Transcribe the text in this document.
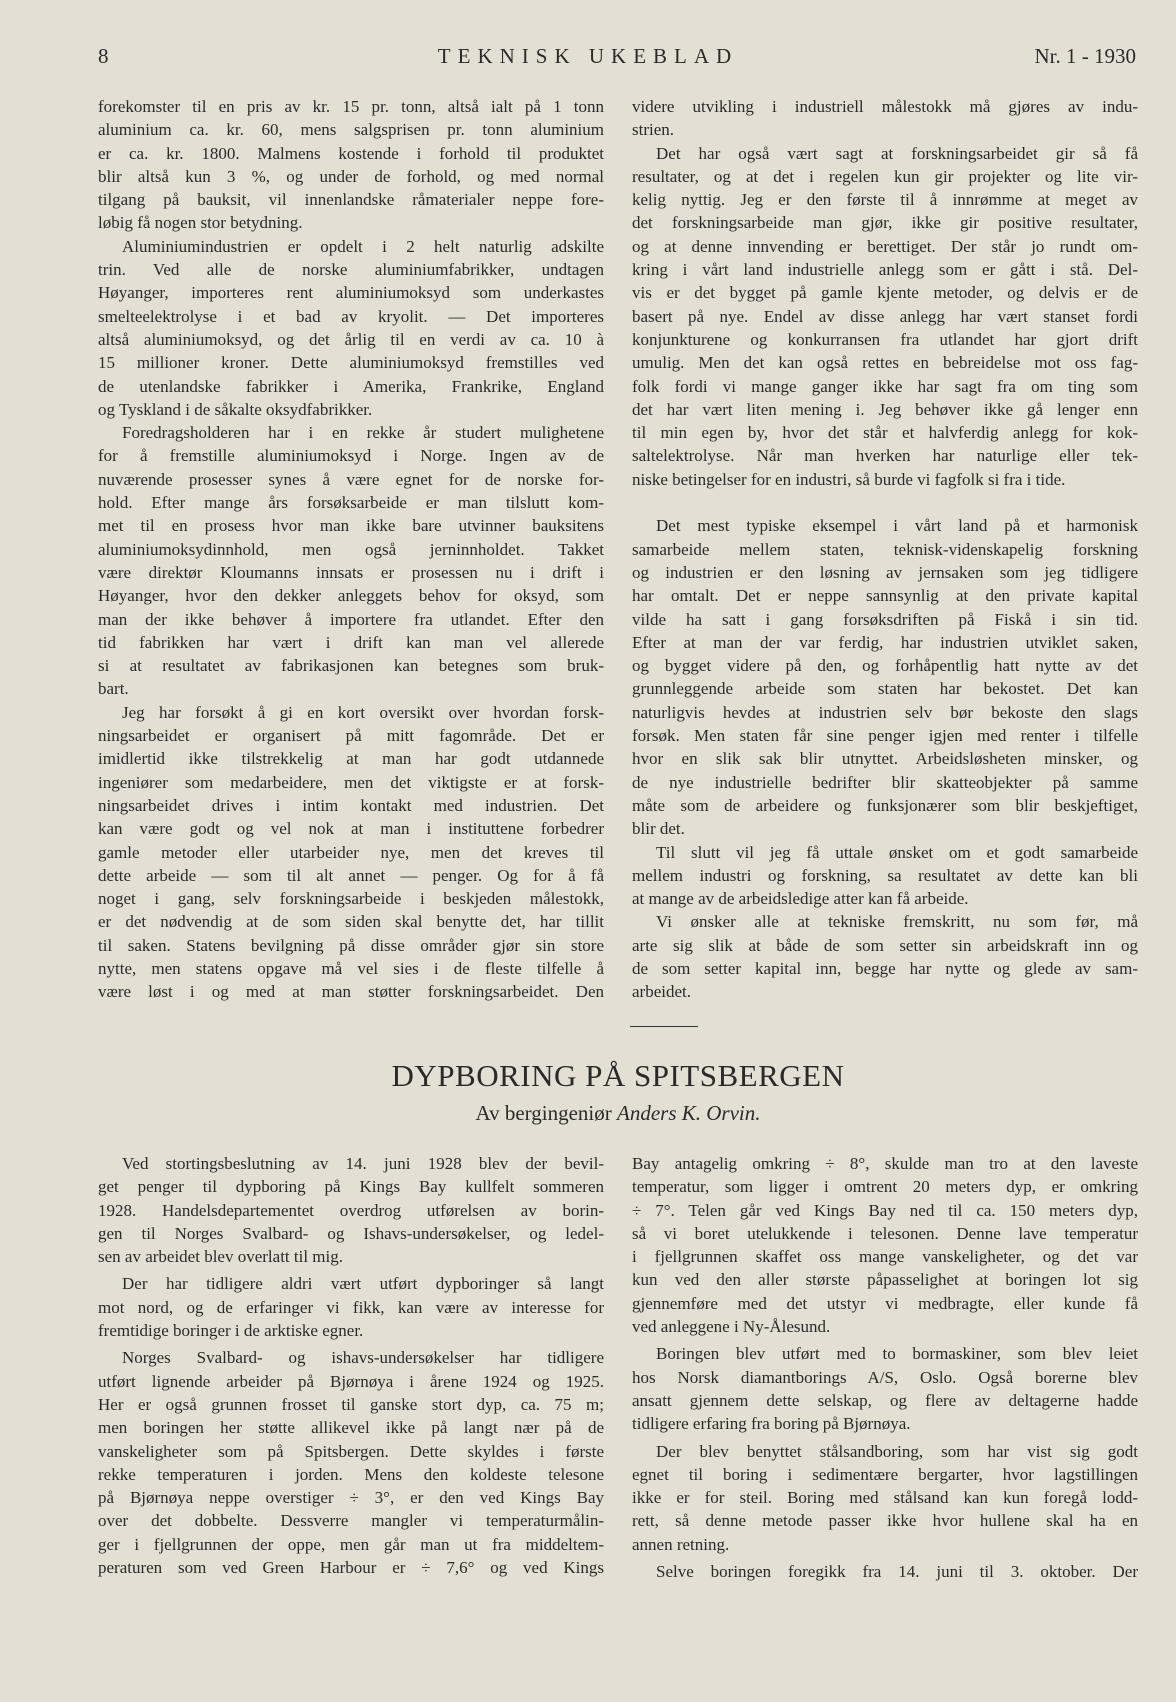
8	TEKNISK UKEBLAD	Nr. 1 - 1930
forekomster til en pris av kr. 15 pr. tonn, altså ialt på 1 tonn
aluminium ca. kr. 60, mens salgsprisen pr. tonn aluminium
er ca. kr. 1800. Malmens kostende i forhold til produktet
blir altså kun 3 %, og under de forhold, og med normal
tilgang på bauksit, vil innenlandske råmaterialer neppe fore-
løbig få nogen stor betydning.
Aluminiumindustrien er opdelt i 2 helt naturlig adskilte
trin. Ved alle de norske aluminiumfabrikker, undtagen
Høyanger, importeres rent aluminiumoksyd som underkastes
smelteelektrolyse i et bad av kryolit. — Det importeres
altså aluminiumoksyd, og det årlig til en verdi av ca. 10 à
15 millioner kroner. Dette aluminiumoksyd fremstilles ved
de utenlandske fabrikker i Amerika, Frankrike, England
og Tyskland i de såkalte oksydfabrikker.
Foredragsholderen har i en rekke år studert mulighetene
for å fremstille aluminiumoksyd i Norge. Ingen av de
nuværende prosesser synes å være egnet for de norske for-
hold. Efter mange års forsøksarbeide er man tilslutt kom-
met til en prosess hvor man ikke bare utvinner bauksitens
aluminiumoksydinnhold, men også jerninnholdet. Takket
være direktør Kloumanns innsats er prosessen nu i drift i
Høyanger, hvor den dekker anleggets behov for oksyd, som
man der ikke behøver å importere fra utlandet. Efter den
tid fabrikken har vært i drift kan man vel allerede
si at resultatet av fabrikasjonen kan betegnes som bruk-
bart.
Jeg har forsøkt å gi en kort oversikt over hvordan forsk-
ningsarbeidet er organisert på mitt fagområde. Det er
imidlertid ikke tilstrekkelig at man har godt utdannede
ingeniører som medarbeidere, men det viktigste er at forsk-
ningsarbeidet drives i intim kontakt med industrien. Det
kan være godt og vel nok at man i instituttene forbedrer
gamle metoder eller utarbeider nye, men det kreves til
dette arbeide — som til alt annet — penger. Og for å få
noget i gang, selv forskningsarbeide i beskjeden målestokk,
er det nødvendig at de som siden skal benytte det, har tillit
til saken. Statens bevilgning på disse områder gjør sin store
nytte, men statens opgave må vel sies i de fleste tilfelle å
være løst i og med at man støtter forskningsarbeidet. Den
videre utvikling i industriell målestokk må gjøres av indu-
strien.
Det har også vært sagt at forskningsarbeidet gir så få
resultater, og at det i regelen kun gir projekter og lite vir-
kelig nyttig. Jeg er den første til å innrømme at meget av
det forskningsarbeide man gjør, ikke gir positive resultater,
og at denne innvending er berettiget. Der står jo rundt om-
kring i vårt land industrielle anlegg som er gått i stå. Del-
vis er det bygget på gamle kjente metoder, og delvis er de
basert på nye. Endel av disse anlegg har vært stanset fordi
konjunkturene og konkurransen fra utlandet har gjort drift
umulig. Men det kan også rettes en bebreidelse mot oss fag-
folk fordi vi mange ganger ikke har sagt fra om ting som
det har vært liten mening i. Jeg behøver ikke gå lenger enn
til min egen by, hvor det står et halvferdig anlegg for kok-
saltelektrolyse. Når man hverken har naturlige eller tek-
niske betingelser for en industri, så burde vi fagfolk si fra i tide.
Det mest typiske eksempel i vårt land på et harmonisk
samarbeide mellem staten, teknisk-videnskapelig forskning
og industrien er den løsning av jernsaken som jeg tidligere
har omtalt. Det er neppe sannsynlig at den private kapital
vilde ha satt i gang forsøksdriften på Fiskå i sin tid.
Efter at man der var ferdig, har industrien utviklet saken,
og bygget videre på den, og forhåpentlig hatt nytte av det
grunnleggende arbeide som staten har bekostet. Det kan
naturligvis hevdes at industrien selv bør bekoste den slags
forsøk. Men staten får sine penger igjen med renter i tilfelle
hvor en slik sak blir utnyttet. Arbeidsløsheten minsker, og
de nye industrielle bedrifter blir skatteobjekter på samme
måte som de arbeidere og funksjonærer som blir beskjeftiget,
blir det.
Til slutt vil jeg få uttale ønsket om et godt samarbeide
mellem industri og forskning, sa resultatet av dette kan bli
at mange av de arbeidsledige atter kan få arbeide.
Vi ønsker alle at tekniske fremskritt, nu som før, må
arte sig slik at både de som setter sin arbeidskraft inn og
de som setter kapital inn, begge har nytte og glede av sam-
arbeidet.
DYPBORING PÅ SPITSBERGEN
Av bergingeniør Anders K. Orvin.
Ved stortingsbeslutning av 14. juni 1928 blev der bevil-
get penger til dypboring på Kings Bay kullfelt sommeren
1928. Handelsdepartementet overdrog utførelsen av borin-
gen til Norges Svalbard- og Ishavs-undersøkelser, og ledel-
sen av arbeidet blev overlatt til mig.
Der har tidligere aldri vært utført dypboringer så langt
mot nord, og de erfaringer vi fikk, kan være av interesse for
fremtidige boringer i de arktiske egner.
Norges Svalbard- og ishavs-undersøkelser har tidligere
utført lignende arbeider på Bjørnøya i årene 1924 og 1925.
Her er også grunnen frosset til ganske stort dyp, ca. 75 m;
men boringen her støtte allikevel ikke på langt nær på de
vanskeligheter som på Spitsbergen. Dette skyldes i første
rekke temperaturen i jorden. Mens den koldeste telesone
på Bjørnøya neppe overstiger ÷ 3°, er den ved Kings Bay
over det dobbelte. Dessverre mangler vi temperaturmålin-
ger i fjellgrunnen der oppe, men går man ut fra middeltem-
peraturen som ved Green Harbour er ÷ 7,6° og ved Kings
Bay antagelig omkring ÷ 8°, skulde man tro at den laveste
temperatur, som ligger i omtrent 20 meters dyp, er omkring
÷ 7°. Telen går ved Kings Bay ned til ca. 150 meters dyp,
så vi boret utelukkende i telesonen. Denne lave temperatur
i fjellgrunnen skaffet oss mange vanskeligheter, og det var
kun ved den aller største påpasselighet at boringen lot sig
gjennemføre med det utstyr vi medbragte, eller kunde få
ved anleggene i Ny-Ålesund.
Boringen blev utført med to bormaskiner, som blev leiet
hos Norsk diamantborings A/S, Oslo. Også borerne blev
ansatt gjennem dette selskap, og flere av deltagerne hadde
tidligere erfaring fra boring på Bjørnøya.
Der blev benyttet stålsandboring, som har vist sig godt
egnet til boring i sedimentære bergarter, hvor lagstillingen
ikke er for steil. Boring med stålsand kan kun foregå lodd-
rett, så denne metode passer ikke hvor hullene skal ha en
annen retning.
Selve boringen foregikk fra 14. juni til 3. oktober. Der
